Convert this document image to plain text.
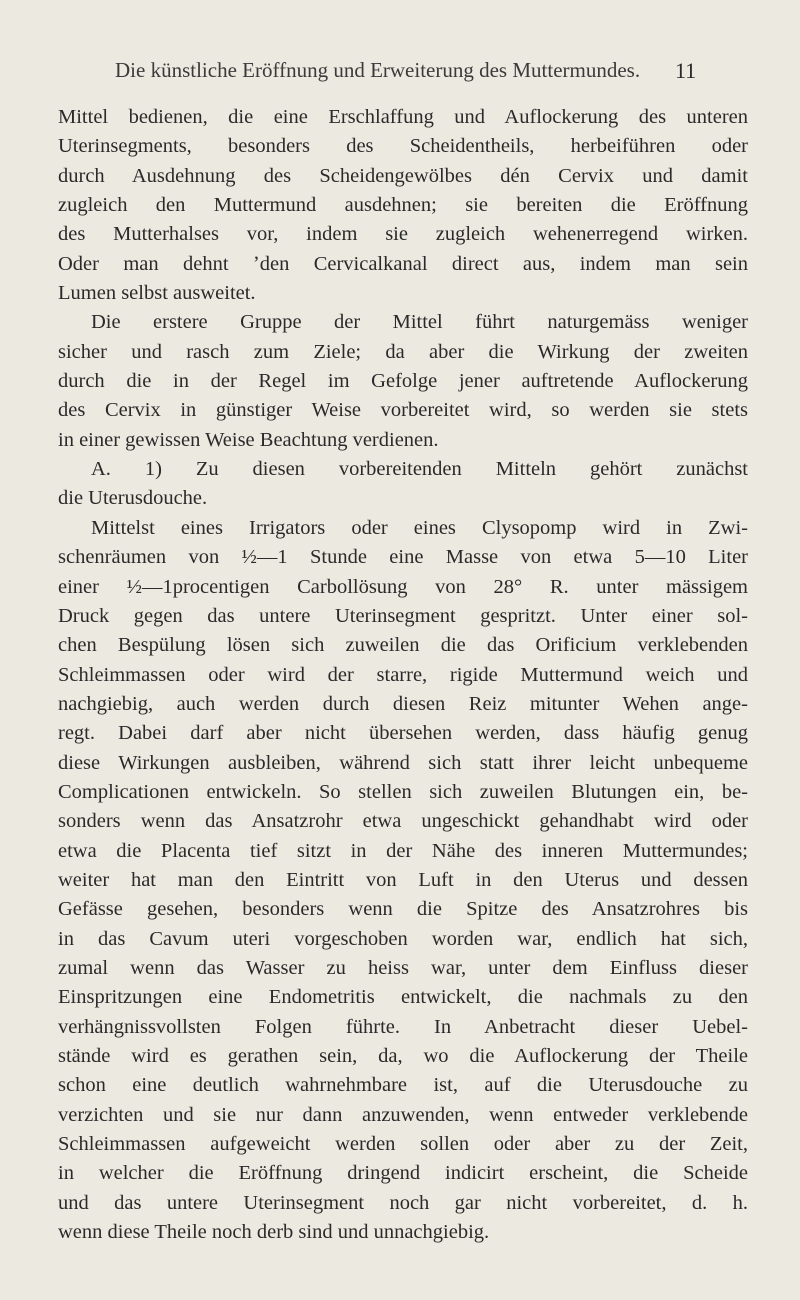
Die künstliche Eröffnung und Erweiterung des Muttermundes. 11
Mittel bedienen, die eine Erschlaffung und Auflockerung des unteren
Uterinsegments, besonders des Scheidentheils, herbeiführen oder
durch Ausdehnung des Scheidengewölbes dén Cervix und damit
zugleich den Muttermund ausdehnen; sie bereiten die Eröffnung
des Mutterhalses vor, indem sie zugleich wehenerregend wirken.
Oder man dehnt ʼden Cervicalkanal direct aus, indem man sein
Lumen selbst ausweitet.
Die erstere Gruppe der Mittel führt naturgemäss weniger
sicher und rasch zum Ziele; da aber die Wirkung der zweiten
durch die in der Regel im Gefolge jener auftretende Auflockerung
des Cervix in günstiger Weise vorbereitet wird, so werden sie stets
in einer gewissen Weise Beachtung verdienen.
A. 1) Zu diesen vorbereitenden Mitteln gehört zunächst
die Uterusdouche.
Mittelst eines Irrigators oder eines Clysopomp wird in Zwi-
schenräumen von ½—1 Stunde eine Masse von etwa 5—10 Liter
einer ½—1procentigen Carbollösung von 28° R. unter mässigem
Druck gegen das untere Uterinsegment gespritzt. Unter einer sol-
chen Bespülung lösen sich zuweilen die das Orificium verklebenden
Schleimmassen oder wird der starre, rigide Muttermund weich und
nachgiebig, auch werden durch diesen Reiz mitunter Wehen ange-
regt. Dabei darf aber nicht übersehen werden, dass häufig genug
diese Wirkungen ausbleiben, während sich statt ihrer leicht unbequeme
Complicationen entwickeln. So stellen sich zuweilen Blutungen ein, be-
sonders wenn das Ansatzrohr etwa ungeschickt gehandhabt wird oder
etwa die Placenta tief sitzt in der Nähe des inneren Muttermundes;
weiter hat man den Eintritt von Luft in den Uterus und dessen
Gefässe gesehen, besonders wenn die Spitze des Ansatzrohres bis
in das Cavum uteri vorgeschoben worden war, endlich hat sich,
zumal wenn das Wasser zu heiss war, unter dem Einfluss dieser
Einspritzungen eine Endometritis entwickelt, die nachmals zu den
verhängnissvollsten Folgen führte. In Anbetracht dieser Uebel-
stände wird es gerathen sein, da, wo die Auflockerung der Theile
schon eine deutlich wahrnehmbare ist, auf die Uterusdouche zu
verzichten und sie nur dann anzuwenden, wenn entweder verklebende
Schleimmassen aufgeweicht werden sollen oder aber zu der Zeit,
in welcher die Eröffnung dringend indicirt erscheint, die Scheide
und das untere Uterinsegment noch gar nicht vorbereitet, d. h.
wenn diese Theile noch derb sind und unnachgiebig.
